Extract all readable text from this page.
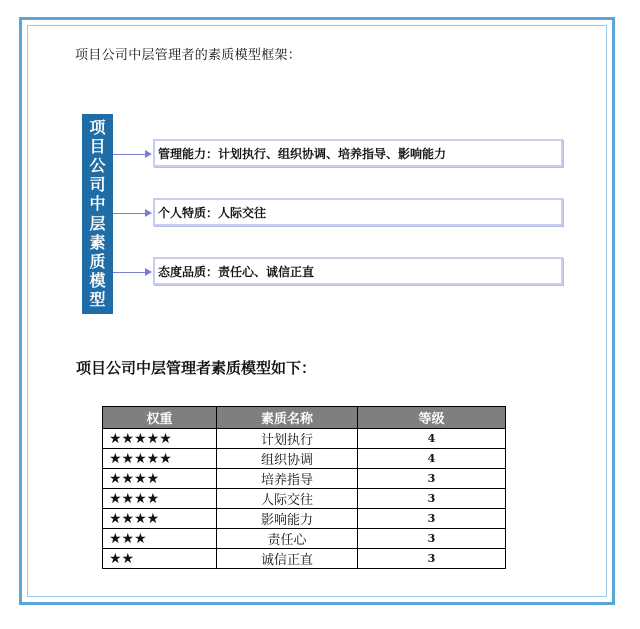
项目公司中层管理者的素质模型框架：
项
目
公
司
中
层
素
质
模
型
管理能力：计划执行、组织协调、培养指导、影响能力
个人特质：人际交往
态度品质：责任心、诚信正直
项目公司中层管理者素质模型如下：
权重	素质名称	等级
★★★★★	计划执行	4
★★★★★	组织协调	4
★★★★	培养指导	3
★★★★	人际交往	3
★★★★	影响能力	3
★★★	责任心	3
★★	诚信正直	3
